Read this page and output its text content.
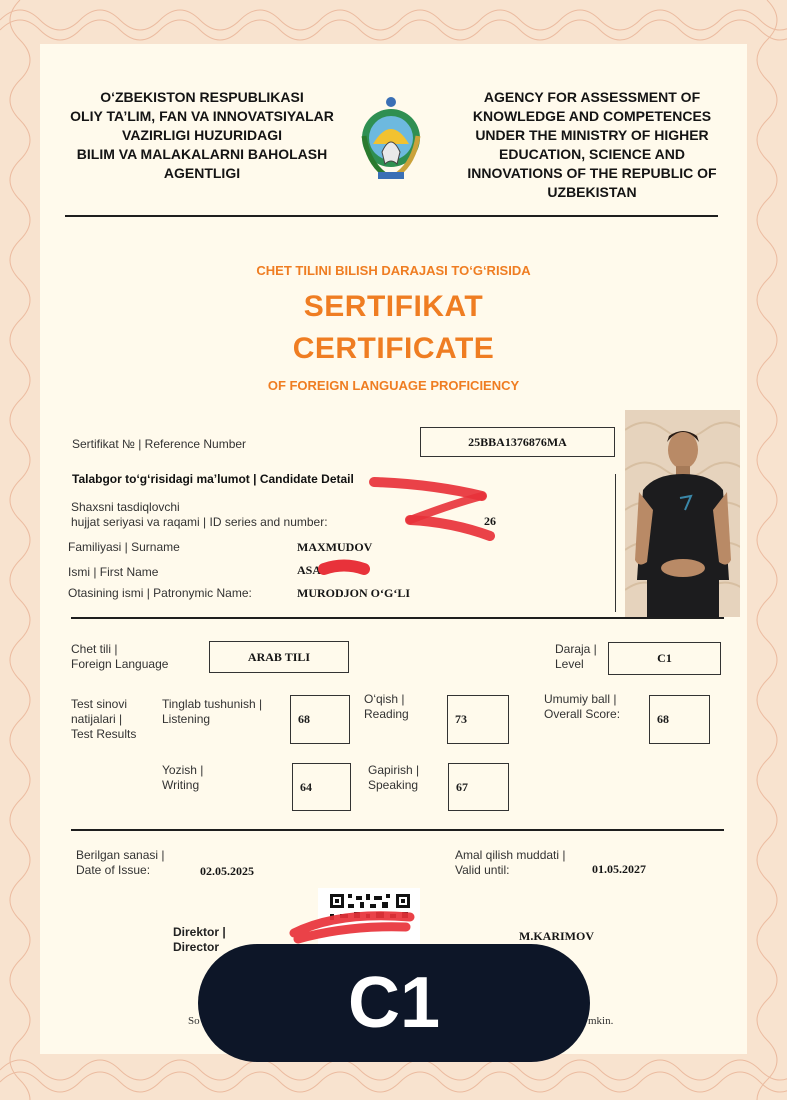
O‘ZBEKISTON RESPUBLIKASI
OLIY TA’LIM, FAN VA INNOVATSIYALAR
VAZIRLIGI HUZURIDAGI
BILIM VA MALAKALARNI BAHOLASH
AGENTLIGI
AGENCY FOR ASSESSMENT OF
KNOWLEDGE AND COMPETENCES
UNDER THE MINISTRY OF HIGHER
EDUCATION, SCIENCE AND
INNOVATIONS OF THE REPUBLIC OF
UZBEKISTAN
CHET TILINI BILISH DARAJASI TO‘G‘RISIDA
SERTIFIKAT
CERTIFICATE
OF FOREIGN LANGUAGE PROFICIENCY
Sertifikat № | Reference Number	25BBA1376876MA
Talabgor to‘g‘risidagi ma’lumot | Candidate Detail
Shaxsni tasdiqlovchi
hujjat seriyasi va raqami | ID series and number:	26
Familiyasi | Surname	MAXMUDOV
Ismi | First Name	ASA
Otasining ismi | Patronymic Name:	MURODJON O‘G‘LI
Chet tili |
Foreign Language
ARAB TILI
Daraja |
Level	C1
Test sinovi
natijalari |
Test Results
Tinglab tushunish |
Listening	68
O‘qish |
Reading	73
Umumiy ball |
Overall Score:	68
Yozish |
Writing	64
Gapirish |
Speaking	67
Berilgan sanasi |
Date of Issue:	02.05.2025
Amal qilish muddati |
Valid until:	01.05.2027
Direktor |
Director
M.KARIMOV
So	mkin.
C1
